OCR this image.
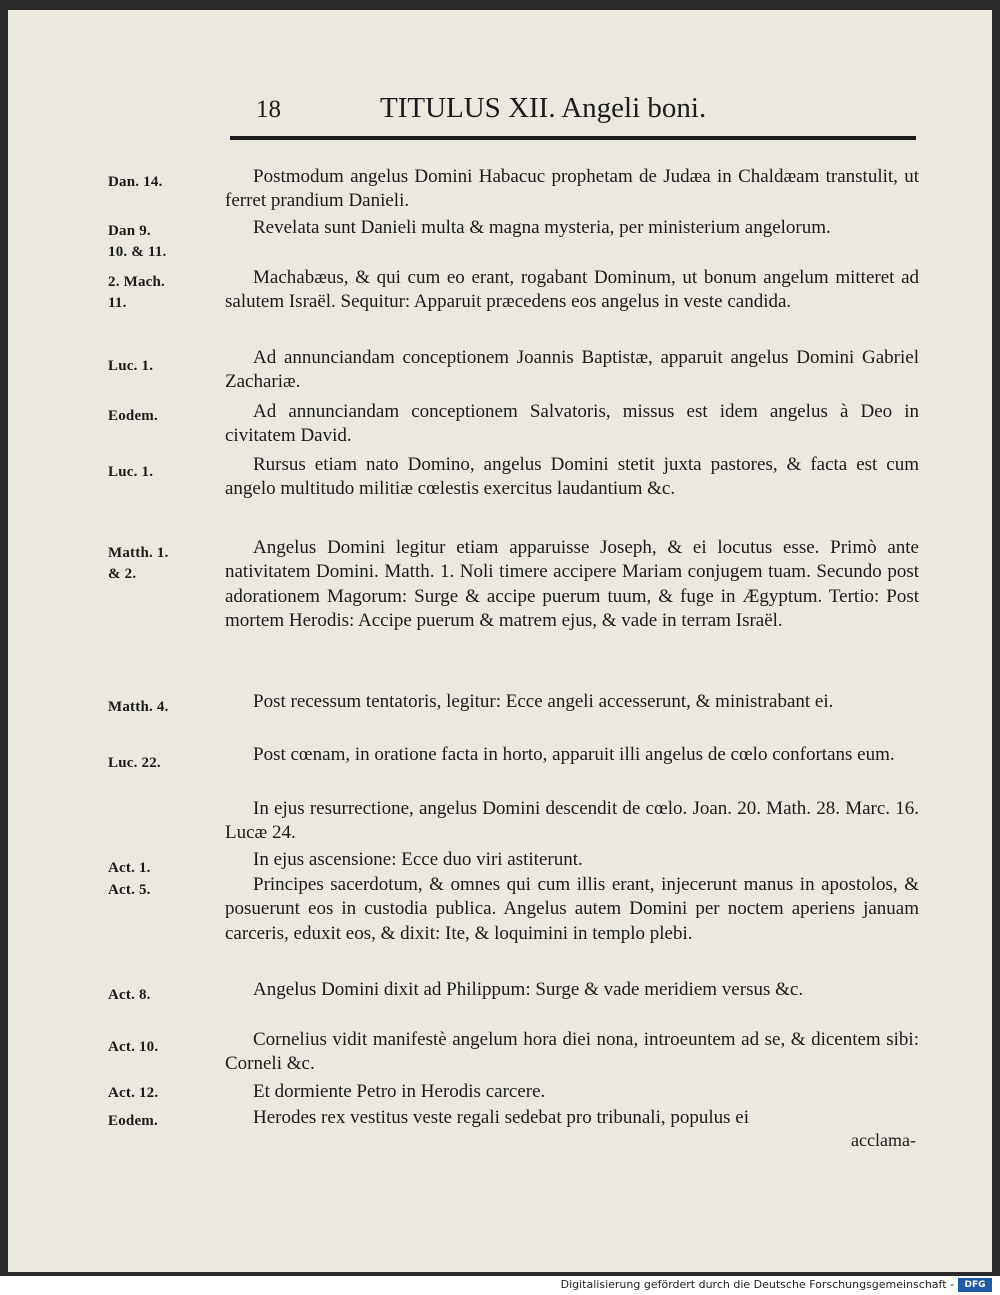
18	TITULUS XII. Angeli boni.
Dan. 14.
Dan 9.
10. & 11.
2. Mach.
11.
Luc. 1.
Eodem.
Luc. 1.
Matth. 1.
& 2.
Matth. 4.
Luc. 22.
Act. 1.
Act. 5.
Act. 8.
Act. 10.
Act. 12.
Eodem.

Postmodum angelus Domini Habacuc prophetam de Judæa in Chaldæam transtulit, ut ferret prandium Danieli.

Revelata sunt Danieli multa & magna mysteria, per ministerium angelorum.

Machabæus, & qui cum eo erant, rogabant Dominum, ut bonum angelum mitteret ad salutem Israël. Sequitur: Apparuit præcedens eos angelus in veste candida.

Ad annunciandam conceptionem Joannis Baptistæ, apparuit angelus Domini Gabriel Zachariæ.

Ad annunciandam conceptionem Salvatoris, missus est idem angelus à Deo in civitatem David.

Rursus etiam nato Domino, angelus Domini stetit juxta pastores, & facta est cum angelo multitudo militiæ cœlestis exercitus laudantium &c.

Angelus Domini legitur etiam apparuisse Joseph, & ei locutus esse. Primò ante nativitatem Domini. Matth. 1. Noli timere accipere Mariam conjugem tuam. Secundo post adorationem Magorum: Surge & accipe puerum tuum, & fuge in Ægyptum. Tertio: Post mortem Herodis: Accipe puerum & matrem ejus, & vade in terram Israël.

Post recessum tentatoris, legitur: Ecce angeli accesserunt, & ministrabant ei.

Post cœnam, in oratione facta in horto, apparuit illi angelus de cœlo confortans eum.

In ejus resurrectione, angelus Domini descendit de cœlo. Joan. 20. Math. 28. Marc. 16. Lucæ 24.

In ejus ascensione: Ecce duo viri astiterunt.

Principes sacerdotum, & omnes qui cum illis erant, injecerunt manus in apostolos, & posuerunt eos in custodia publica. Angelus autem Domini per noctem aperiens januam carceris, eduxit eos, & dixit: Ite, & loquimini in templo plebi.

Angelus Domini dixit ad Philippum: Surge & vade meridiem versus &c.

Cornelius vidit manifestè angelum hora diei nona, introeuntem ad se, & dicentem sibi: Corneli &c.

Et dormiente Petro in Herodis carcere.

Herodes rex vestitus veste regali sedebat pro tribunali, populus ei

acclama-
Digitalisierung gefördert durch die Deutsche Forschungsgemeinschaft -	DFG
